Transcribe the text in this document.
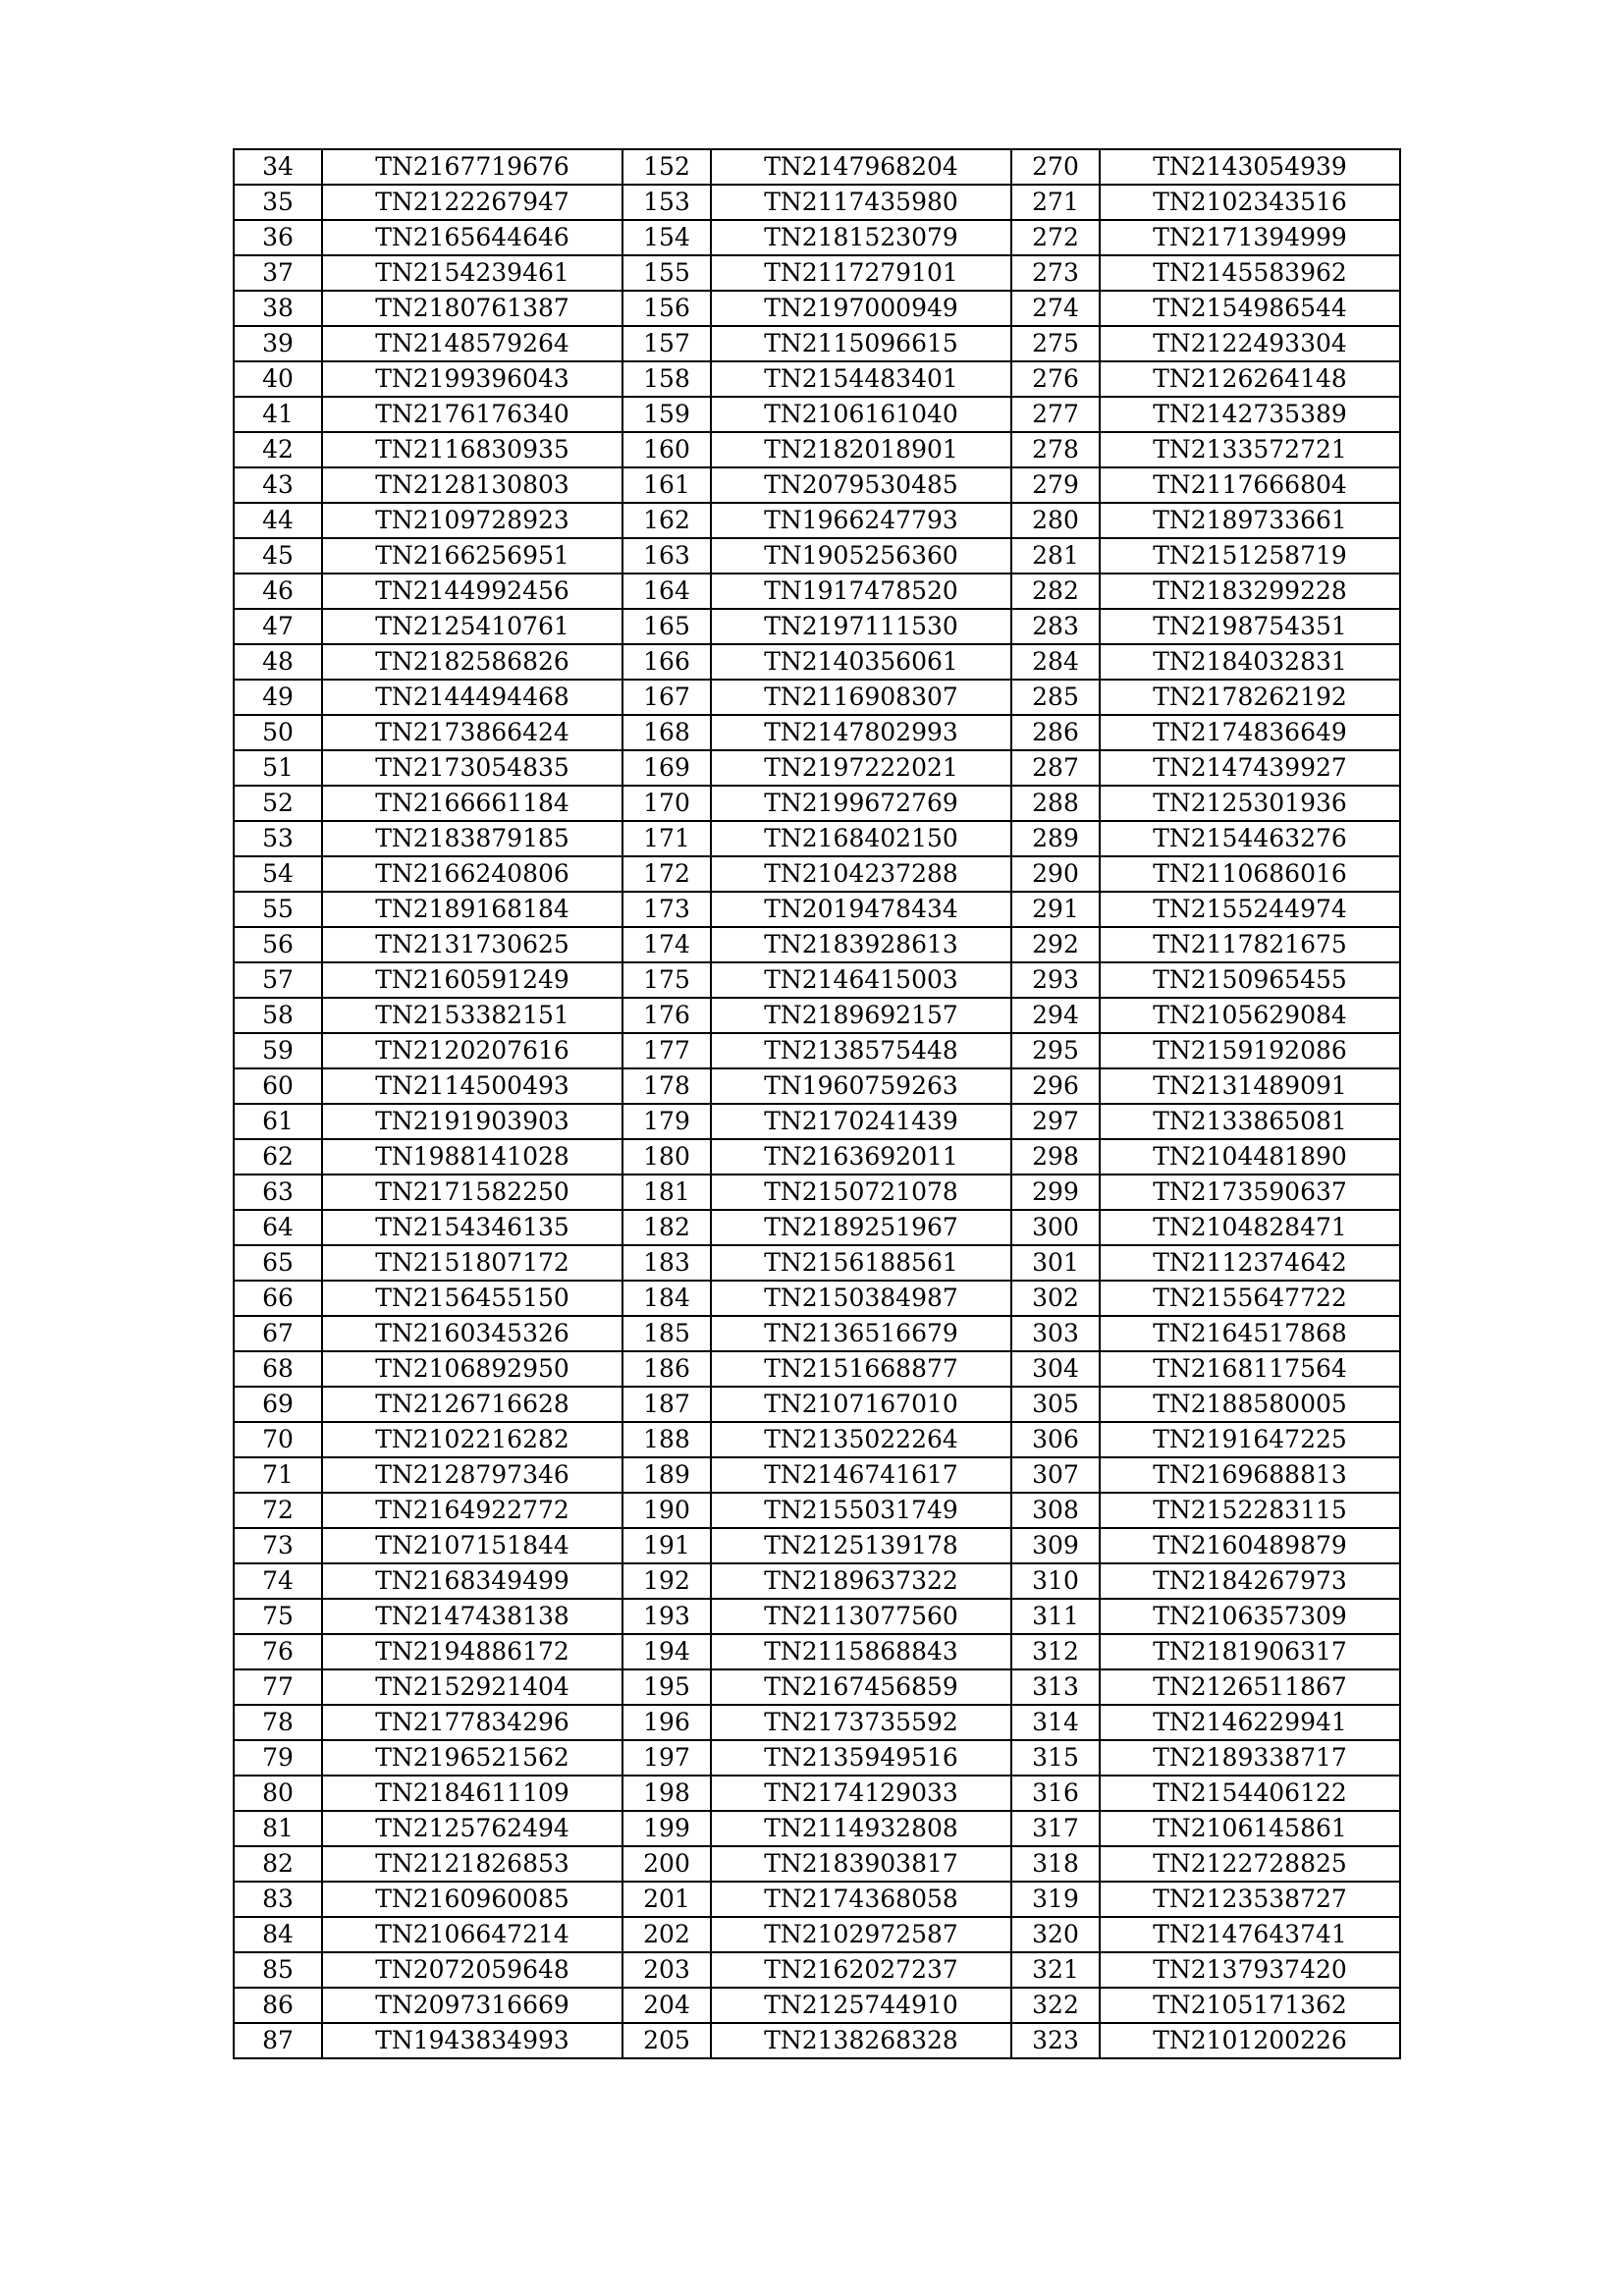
34	TN2167719676	152	TN2147968204	270	TN2143054939
35	TN2122267947	153	TN2117435980	271	TN2102343516
36	TN2165644646	154	TN2181523079	272	TN2171394999
37	TN2154239461	155	TN2117279101	273	TN2145583962
38	TN2180761387	156	TN2197000949	274	TN2154986544
39	TN2148579264	157	TN2115096615	275	TN2122493304
40	TN2199396043	158	TN2154483401	276	TN2126264148
41	TN2176176340	159	TN2106161040	277	TN2142735389
42	TN2116830935	160	TN2182018901	278	TN2133572721
43	TN2128130803	161	TN2079530485	279	TN2117666804
44	TN2109728923	162	TN1966247793	280	TN2189733661
45	TN2166256951	163	TN1905256360	281	TN2151258719
46	TN2144992456	164	TN1917478520	282	TN2183299228
47	TN2125410761	165	TN2197111530	283	TN2198754351
48	TN2182586826	166	TN2140356061	284	TN2184032831
49	TN2144494468	167	TN2116908307	285	TN2178262192
50	TN2173866424	168	TN2147802993	286	TN2174836649
51	TN2173054835	169	TN2197222021	287	TN2147439927
52	TN2166661184	170	TN2199672769	288	TN2125301936
53	TN2183879185	171	TN2168402150	289	TN2154463276
54	TN2166240806	172	TN2104237288	290	TN2110686016
55	TN2189168184	173	TN2019478434	291	TN2155244974
56	TN2131730625	174	TN2183928613	292	TN2117821675
57	TN2160591249	175	TN2146415003	293	TN2150965455
58	TN2153382151	176	TN2189692157	294	TN2105629084
59	TN2120207616	177	TN2138575448	295	TN2159192086
60	TN2114500493	178	TN1960759263	296	TN2131489091
61	TN2191903903	179	TN2170241439	297	TN2133865081
62	TN1988141028	180	TN2163692011	298	TN2104481890
63	TN2171582250	181	TN2150721078	299	TN2173590637
64	TN2154346135	182	TN2189251967	300	TN2104828471
65	TN2151807172	183	TN2156188561	301	TN2112374642
66	TN2156455150	184	TN2150384987	302	TN2155647722
67	TN2160345326	185	TN2136516679	303	TN2164517868
68	TN2106892950	186	TN2151668877	304	TN2168117564
69	TN2126716628	187	TN2107167010	305	TN2188580005
70	TN2102216282	188	TN2135022264	306	TN2191647225
71	TN2128797346	189	TN2146741617	307	TN2169688813
72	TN2164922772	190	TN2155031749	308	TN2152283115
73	TN2107151844	191	TN2125139178	309	TN2160489879
74	TN2168349499	192	TN2189637322	310	TN2184267973
75	TN2147438138	193	TN2113077560	311	TN2106357309
76	TN2194886172	194	TN2115868843	312	TN2181906317
77	TN2152921404	195	TN2167456859	313	TN2126511867
78	TN2177834296	196	TN2173735592	314	TN2146229941
79	TN2196521562	197	TN2135949516	315	TN2189338717
80	TN2184611109	198	TN2174129033	316	TN2154406122
81	TN2125762494	199	TN2114932808	317	TN2106145861
82	TN2121826853	200	TN2183903817	318	TN2122728825
83	TN2160960085	201	TN2174368058	319	TN2123538727
84	TN2106647214	202	TN2102972587	320	TN2147643741
85	TN2072059648	203	TN2162027237	321	TN2137937420
86	TN2097316669	204	TN2125744910	322	TN2105171362
87	TN1943834993	205	TN2138268328	323	TN2101200226
